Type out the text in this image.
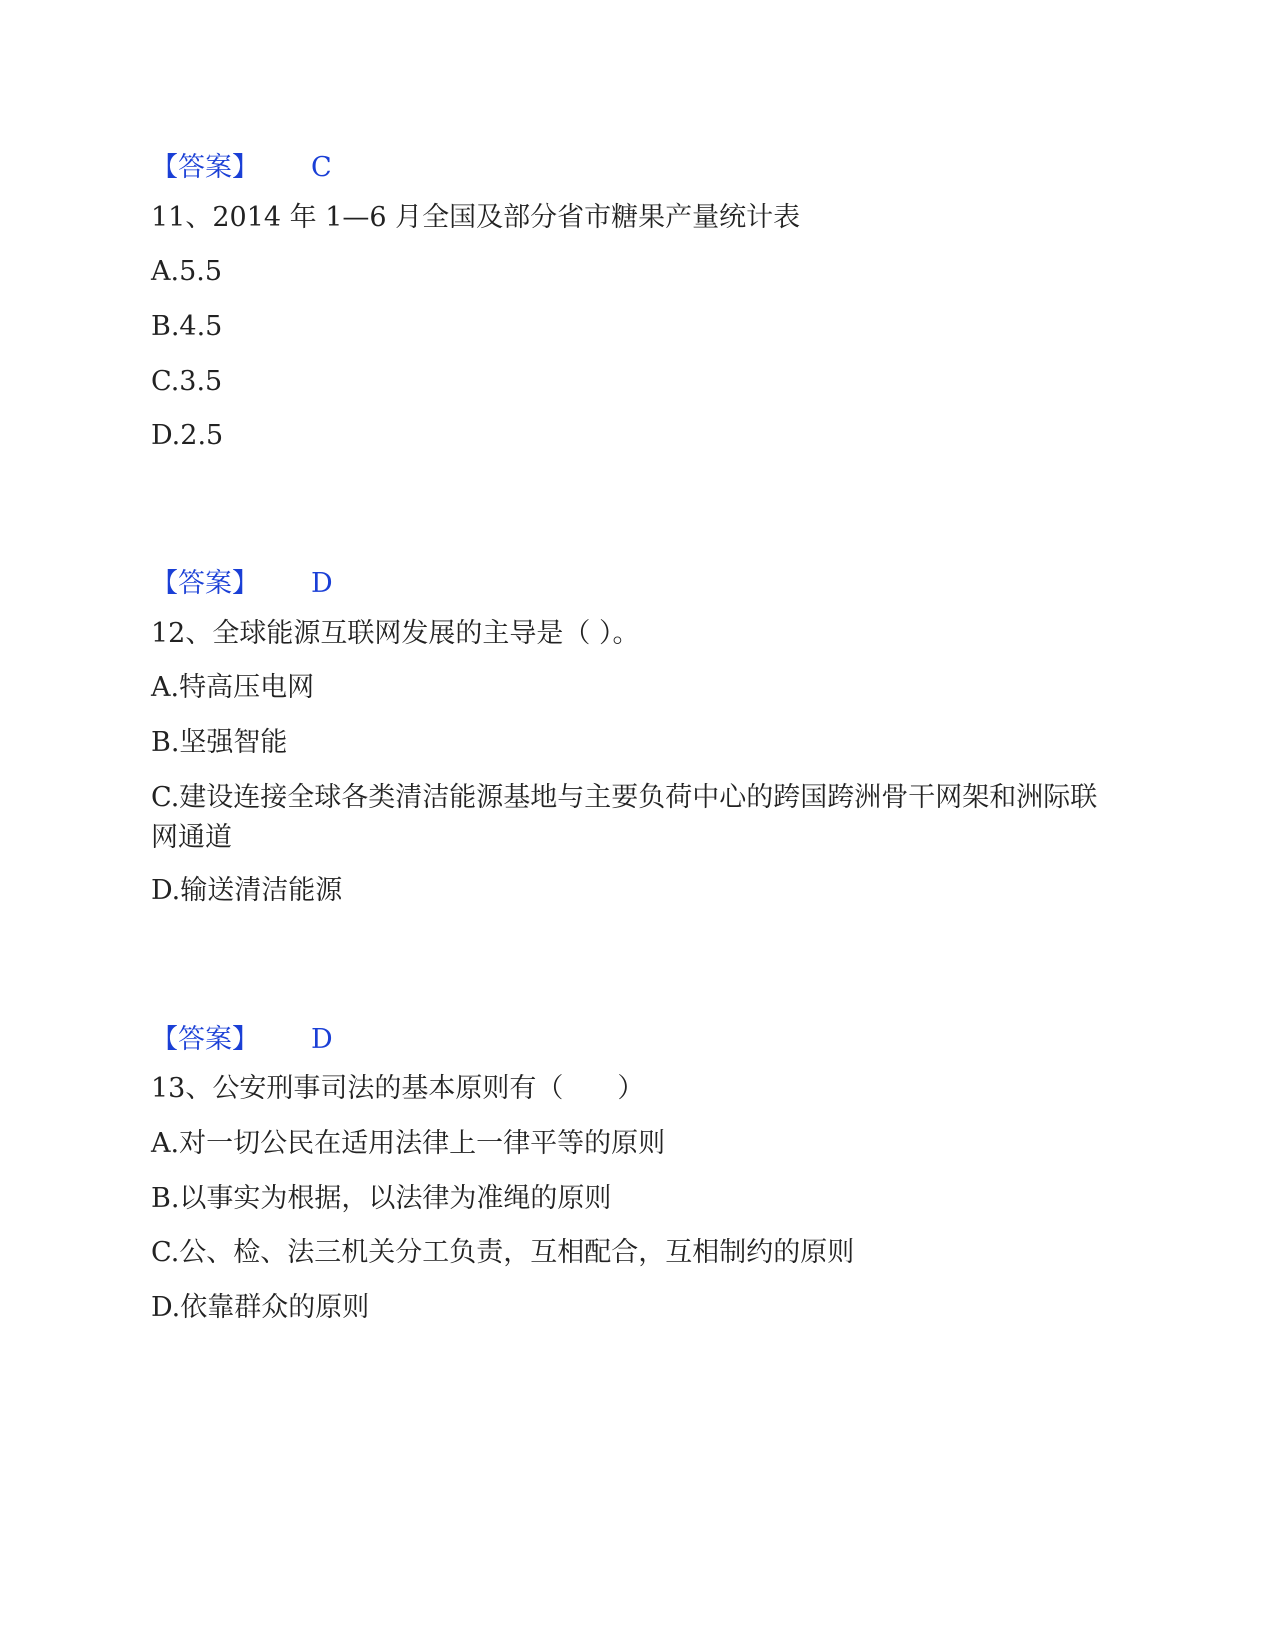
【答案】 C
11、2014 年 1—6 月全国及部分省市糖果产量统计表
A.5.5
B.4.5
C.3.5
D.2.5
【答案】 D
12、全球能源互联网发展的主导是（ ）。
A.特高压电网
B.坚强智能
C.建设连接全球各类清洁能源基地与主要负荷中心的跨国跨洲骨干网架和洲际联网通道
D.输送清洁能源
【答案】 D
13、公安刑事司法的基本原则有（　　）
A.对一切公民在适用法律上一律平等的原则
B.以事实为根据，以法律为准绳的原则
C.公、检、法三机关分工负责，互相配合，互相制约的原则
D.依靠群众的原则
